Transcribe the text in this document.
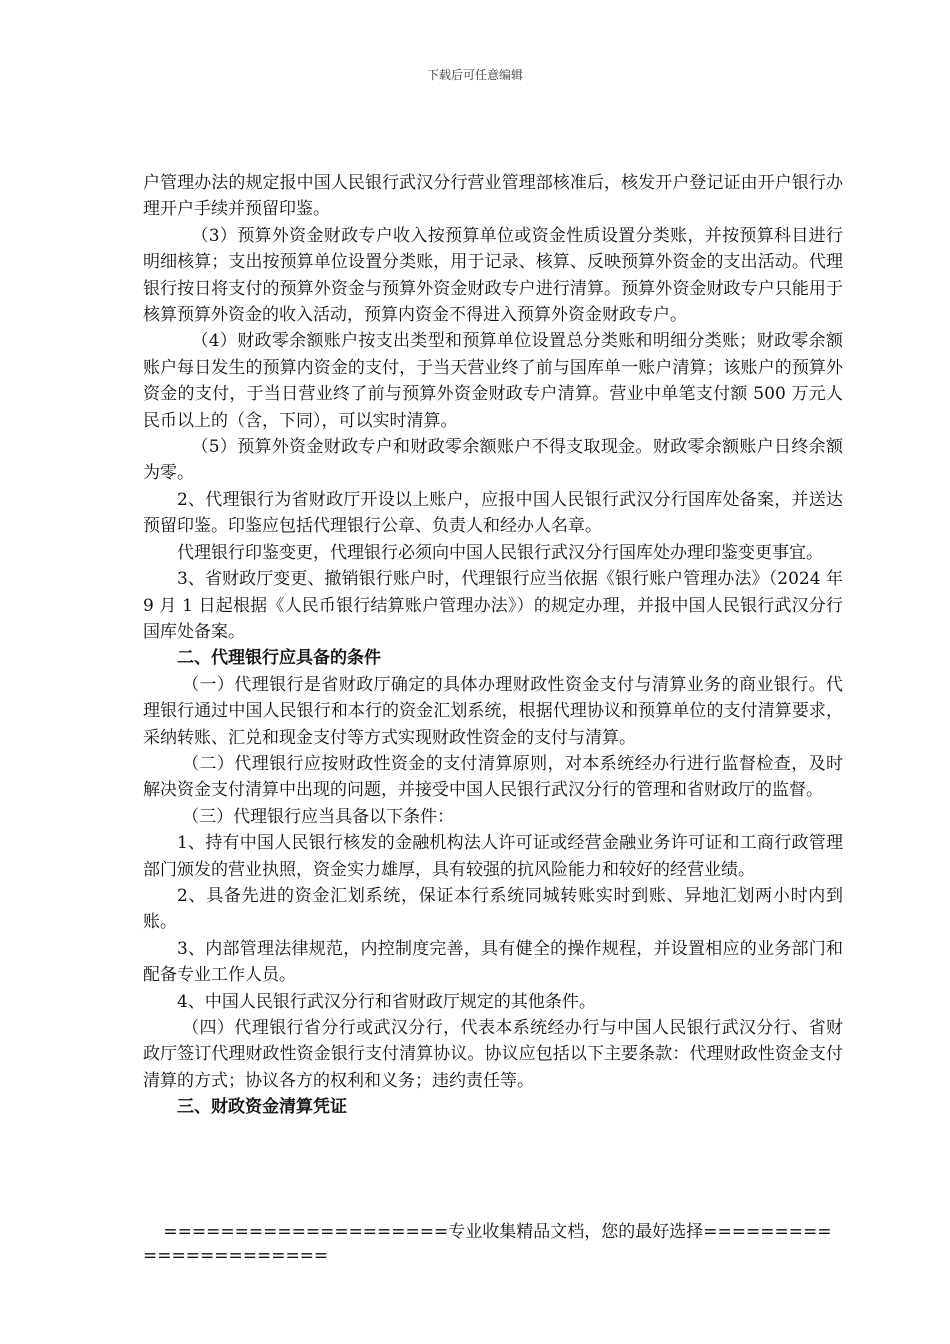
下载后可任意编辑

户管理办法的规定报中国人民银行武汉分行营业管理部核准后，核发开户登记证由开户银行办理开户手续并预留印鉴。

（3）预算外资金财政专户收入按预算单位或资金性质设置分类账，并按预算科目进行明细核算；支出按预算单位设置分类账，用于记录、核算、反映预算外资金的支出活动。代理银行按日将支付的预算外资金与预算外资金财政专户进行清算。预算外资金财政专户只能用于核算预算外资金的收入活动，预算内资金不得进入预算外资金财政专户。

（4）财政零余额账户按支出类型和预算单位设置总分类账和明细分类账；财政零余额账户每日发生的预算内资金的支付，于当天营业终了前与国库单一账户清算；该账户的预算外资金的支付，于当日营业终了前与预算外资金财政专户清算。营业中单笔支付额 500 万元人民币以上的（含，下同），可以实时清算。

（5）预算外资金财政专户和财政零余额账户不得支取现金。财政零余额账户日终余额为零。

2、代理银行为省财政厅开设以上账户，应报中国人民银行武汉分行国库处备案，并送达预留印鉴。印鉴应包括代理银行公章、负责人和经办人名章。

代理银行印鉴变更，代理银行必须向中国人民银行武汉分行国库处办理印鉴变更事宜。

3、省财政厅变更、撤销银行账户时，代理银行应当依据《银行账户管理办法》（2024 年 9 月 1 日起根据《人民币银行结算账户管理办法》）的规定办理，并报中国人民银行武汉分行国库处备案。

二、代理银行应具备的条件

（一）代理银行是省财政厅确定的具体办理财政性资金支付与清算业务的商业银行。代理银行通过中国人民银行和本行的资金汇划系统，根据代理协议和预算单位的支付清算要求，采纳转账、汇兑和现金支付等方式实现财政性资金的支付与清算。

（二）代理银行应按财政性资金的支付清算原则，对本系统经办行进行监督检查，及时解决资金支付清算中出现的问题，并接受中国人民银行武汉分行的管理和省财政厅的监督。

（三）代理银行应当具备以下条件：

1、持有中国人民银行核发的金融机构法人许可证或经营金融业务许可证和工商行政管理部门颁发的营业执照，资金实力雄厚，具有较强的抗风险能力和较好的经营业绩。

2、具备先进的资金汇划系统，保证本行系统同城转账实时到账、异地汇划两小时内到账。

3、内部管理法律规范，内控制度完善，具有健全的操作规程，并设置相应的业务部门和配备专业工作人员。

4、中国人民银行武汉分行和省财政厅规定的其他条件。

（四）代理银行省分行或武汉分行，代表本系统经办行与中国人民银行武汉分行、省财政厅签订代理财政性资金银行支付清算协议。协议应包括以下主要条款：代理财政性资金支付清算的方式；协议各方的权利和义务；违约责任等。

三、财政资金清算凭证

====================专业收集精品文档，您的最好选择======================
